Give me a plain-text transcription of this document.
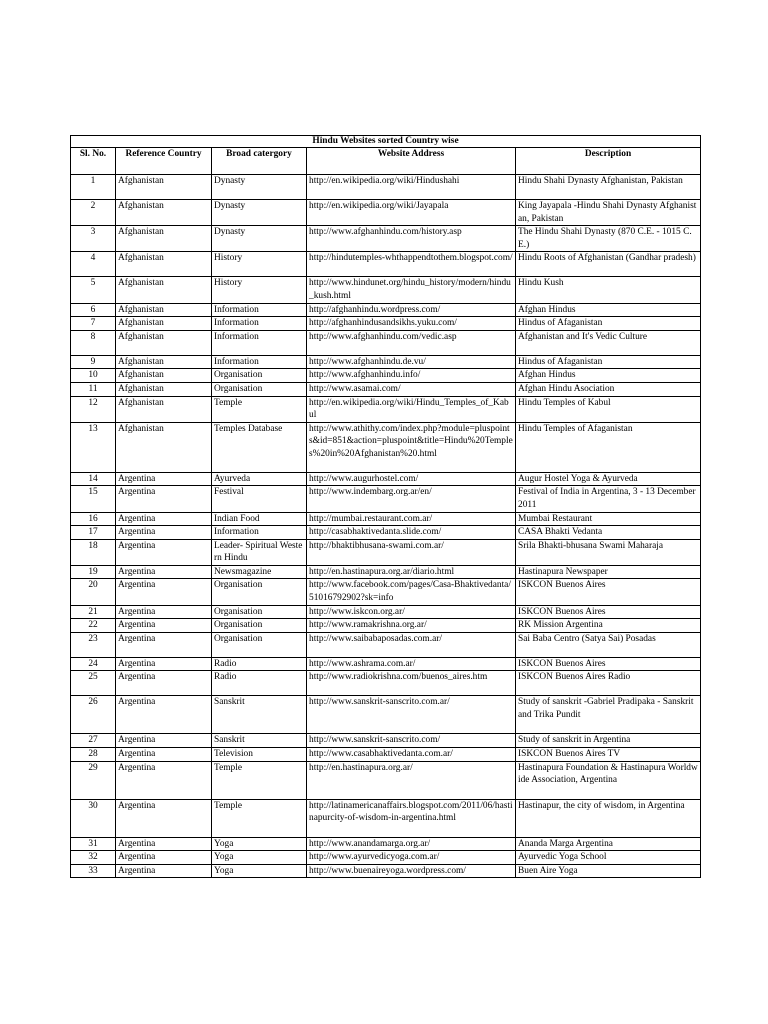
Hindu Websites sorted Country wise				
Sl. No.	Reference Country	Broad catergory	Website Address	Description
1	Afghanistan	Dynasty	http://en.wikipedia.org/wiki/Hindushahi	Hindu Shahi Dynasty Afghanistan, Pakistan
2	Afghanistan	Dynasty	http://en.wikipedia.org/wiki/Jayapala	King Jayapala -Hindu Shahi Dynasty Afghanistan, Pakistan
3	Afghanistan	Dynasty	http://www.afghanhindu.com/history.asp	The Hindu Shahi Dynasty (870 C.E. - 1015 C.E.)
4	Afghanistan	History	http://hindutemples-whthappendtothem.blogspot.com/	Hindu Roots of Afghanistan (Gandhar pradesh)
5	Afghanistan	History	http://www.hindunet.org/hindu_history/modern/hindu_kush.html	Hindu Kush
6	Afghanistan	Information	http://afghanhindu.wordpress.com/	Afghan Hindus
7	Afghanistan	Information	http://afghanhindusandsikhs.yuku.com/	Hindus of Afaganistan
8	Afghanistan	Information	http://www.afghanhindu.com/vedic.asp	Afghanistan and It's Vedic Culture
9	Afghanistan	Information	http://www.afghanhindu.de.vu/	Hindus of Afaganistan
10	Afghanistan	Organisation	http://www.afghanhindu.info/	Afghan Hindus
11	Afghanistan	Organisation	http://www.asamai.com/	Afghan Hindu Asociation
12	Afghanistan	Temple	http://en.wikipedia.org/wiki/Hindu_Temples_of_Kabul	Hindu Temples of Kabul
13	Afghanistan	Temples Database	http://www.athithy.com/index.php?module=pluspoints&id=851&action=pluspoint&title=Hindu%20Temples%20in%20Afghanistan%20.html	Hindu Temples of Afaganistan
14	Argentina	Ayurveda	http://www.augurhostel.com/	Augur Hostel Yoga & Ayurveda
15	Argentina	Festival	http://www.indembarg.org.ar/en/	Festival of India in Argentina, 3 - 13 December 2011
16	Argentina	Indian Food	http://mumbai.restaurant.com.ar/	Mumbai Restaurant
17	Argentina	Information	http://casabhaktivedanta.slide.com/	CASA Bhakti Vedanta
18	Argentina	Leader- Spiritual Western Hindu	http://bhaktibhusana-swami.com.ar/	Srila Bhakti-bhusana Swami Maharaja
19	Argentina	Newsmagazine	http://en.hastinapura.org.ar/diario.html	Hastinapura Newspaper
20	Argentina	Organisation	http://www.facebook.com/pages/Casa-Bhaktivedanta/51016792902?sk=info	ISKCON Buenos Aires
21	Argentina	Organisation	http://www.iskcon.org.ar/	ISKCON Buenos Aires
22	Argentina	Organisation	http://www.ramakrishna.org.ar/	RK Mission Argentina
23	Argentina	Organisation	http://www.saibabaposadas.com.ar/	Sai Baba Centro (Satya Sai) Posadas
24	Argentina	Radio	http://www.ashrama.com.ar/	ISKCON Buenos Aires
25	Argentina	Radio	http://www.radiokrishna.com/buenos_aires.htm	ISKCON Buenos Aires Radio
26	Argentina	Sanskrit	http://www.sanskrit-sanscrito.com.ar/	Study of sanskrit -Gabriel Pradipaka - Sanskrit and Trika Pundit
27	Argentina	Sanskrit	http://www.sanskrit-sanscrito.com/	Study of sanskrit in Argentina
28	Argentina	Television	http://www.casabhaktivedanta.com.ar/	ISKCON Buenos Aires TV
29	Argentina	Temple	http://en.hastinapura.org.ar/	Hastinapura Foundation & Hastinapura Worldwide Association, Argentina
30	Argentina	Temple	http://latinamericanaffairs.blogspot.com/2011/06/hastinapurcity-of-wisdom-in-argentina.html	Hastinapur, the city of wisdom, in Argentina
31	Argentina	Yoga	http://www.anandamarga.org.ar/	Ananda Marga Argentina
32	Argentina	Yoga	http://www.ayurvedicyoga.com.ar/	Ayurvedic Yoga School
33	Argentina	Yoga	http://www.buenaireyoga.wordpress.com/	Buen Aire Yoga
